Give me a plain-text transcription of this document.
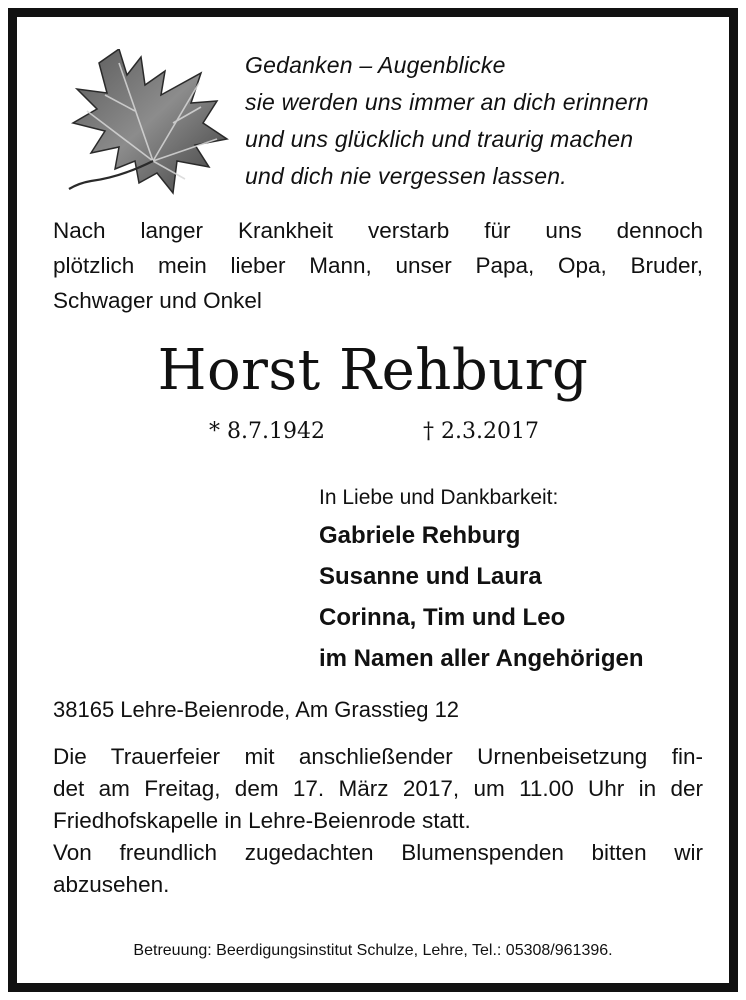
Gedanken – Augenblicke
sie werden uns immer an dich erinnern
und uns glücklich und traurig machen
und dich nie vergessen lassen.
Nach langer Krankheit verstarb für uns dennoch
plötzlich mein lieber Mann, unser Papa, Opa, Bruder,
Schwager und Onkel
Horst Rehburg
* 8.7.1942	† 2.3.2017
In Liebe und Dankbarkeit:
Gabriele Rehburg
Susanne und Laura
Corinna, Tim und Leo
im Namen aller Angehörigen
38165 Lehre-Beienrode, Am Grasstieg 12
Die Trauerfeier mit anschließender Urnenbeisetzung fin-
det am Freitag, dem 17. März 2017, um 11.00 Uhr in der
Friedhofskapelle in Lehre-Beienrode statt.
Von freundlich zugedachten Blumenspenden bitten wir
abzusehen.
Betreuung: Beerdigungsinstitut Schulze, Lehre, Tel.: 05308/961396.
